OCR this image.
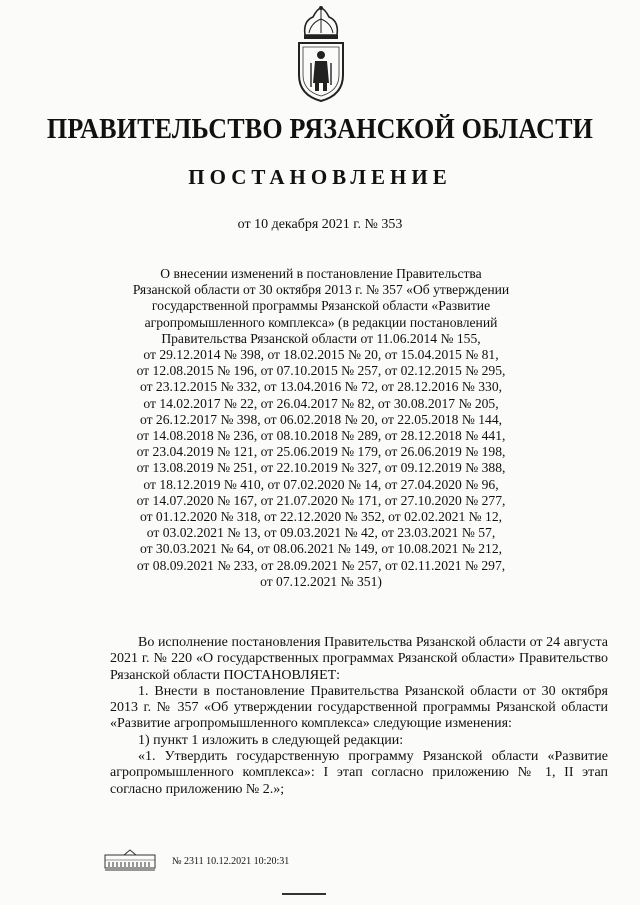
ПРАВИТЕЛЬСТВО РЯЗАНСКОЙ ОБЛАСТИ
ПОСТАНОВЛЕНИЕ
от 10 декабря 2021 г. № 353
О внесении изменений в постановление Правительства
Рязанской области от 30 октября 2013 г. № 357 «Об утверждении
государственной программы Рязанской области «Развитие
агропромышленного комплекса» (в редакции постановлений
Правительства Рязанской области от 11.06.2014 № 155,
от 29.12.2014 № 398, от 18.02.2015 № 20, от 15.04.2015 № 81,
от 12.08.2015 № 196, от 07.10.2015 № 257, от 02.12.2015 № 295,
от 23.12.2015 № 332, от 13.04.2016 № 72, от 28.12.2016 № 330,
от 14.02.2017 № 22, от 26.04.2017 № 82, от 30.08.2017 № 205,
от 26.12.2017 № 398, от 06.02.2018 № 20, от 22.05.2018 № 144,
от 14.08.2018 № 236, от 08.10.2018 № 289, от 28.12.2018 № 441,
от 23.04.2019 № 121, от 25.06.2019 № 179, от 26.06.2019 № 198,
от 13.08.2019 № 251, от 22.10.2019 № 327, от 09.12.2019 № 388,
от 18.12.2019 № 410, от 07.02.2020 № 14, от 27.04.2020 № 96,
от 14.07.2020 № 167, от 21.07.2020 № 171, от 27.10.2020 № 277,
от 01.12.2020 № 318, от 22.12.2020 № 352, от 02.02.2021 № 12,
от 03.02.2021 № 13, от 09.03.2021 № 42, от 23.03.2021 № 57,
от 30.03.2021 № 64, от 08.06.2021 № 149, от 10.08.2021 № 212,
от 08.09.2021 № 233, от 28.09.2021 № 257, от 02.11.2021 № 297,
от 07.12.2021 № 351)

Во исполнение постановления Правительства Рязанской области от 24 августа 2021 г. № 220 «О государственных программах Рязанской области» Правительство Рязанской области ПОСТАНОВЛЯЕТ:

1. Внести в постановление Правительства Рязанской области от 30 октября 2013 г. № 357 «Об утверждении государственной программы Рязанской области «Развитие агропромышленного комплекса» следующие изменения:

1) пункт 1 изложить в следующей редакции:

«1. Утвердить государственную программу Рязанской области «Развитие агропромышленного комплекса»: I этап согласно приложению № 1, II этап согласно приложению № 2.»;

№ 2311 10.12.2021 10:20:31
